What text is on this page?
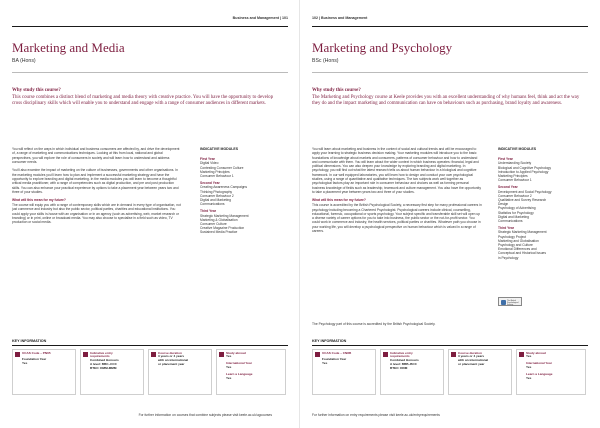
Business and Management | 101
Marketing and Media
BA (Hons)
Why study this course?
This course combines a distinct blend of marketing and media theory with creative practice. You will have the opportunity to develop cross disciplinary skills which will enable you to understand and engage with a range of consumer audiences in different markets.

You will reflect on the ways in which individual and business consumers are affected by, and drive the development of, a range of marketing and communications techniques. Looking at this from local, national and global perspectives, you will explore the role of consumers in society and will learn how to understand and address consumer needs.

You'll also examine the impact of marketing on the culture of businesses, governments and other organisations. In the marketing modules you'll learn how to plan and implement a successful marketing strategy and have the opportunity to explore branding and digital marketing. In the media modules you will learn to become a thoughtful critical media practitioner, with a range of competencies such as digital production, and pre and post production skills. You can also enhance your practical experience by options to take a placement year between years two and three of your studies.

What will this mean for my future?

The course will equip you with a range of contemporary skills which are in demand in every type of organisation, not just commerce and industry but also the public sector, political parties, charities and educational institutions. You could apply your skills in-house with an organisation or in an agency (such as advertising, web, market research or branding) or in print, online or broadcast media. You may also choose to specialise in a field such as video, TV production or social media.

INDICATIVE MODULES
First Year
Digital Video
Contesting Consumer Culture
Marketing Principles
Consumer Behaviour 1
Second Year
Creating Awareness Campaigns
Thinking Photography
Consumer Behaviour 2
Digital and Marketing
Communications
Third Year
Strategic Marketing Management
Marketing & Globalisation
Consumer Culture
Creative Magazine Production
Sustained Media Practice
KEY INFORMATION
UCAS Code – PN65
Foundation Year
Yes
Indicative entry
requirements
Combined Honours
A level: BBC–CCC
BTEC: DMM-MMM
Course duration
3 years or 4 years
with an international
or placement year
Study abroad
Yes
International Year
Yes
Learn a Language
Yes
For further information on courses that combine subjects please visit keele.ac.uk/ugcourses
102 | Business and Management
Marketing and Psychology
BSc (Hons)
Why study this course?
The Marketing and Psychology course at Keele provides you with an excellent understanding of why humans feel, think and act the way they do and the impact marketing and communication can have on behaviours such as purchasing, brand loyalty and awareness.

You will learn about marketing and business in the context of social and cultural trends and will be encouraged to apply your learning to strategic business decision making. Your marketing modules will introduce you to the basic foundations of knowledge about markets and consumers, patterns of consumer behaviour and how to understand and communicate with them. You will learn about the wider context in which business operates: financial, legal and political dimensions. You can also deepen your knowledge by exploring branding and digital marketing. In psychology, you will find out what the latest research tells us about human behaviour in a biological and cognitive framework. In our well equipped laboratories, you will learn how to design and conduct your own psychological studies, using a range of quantitative and qualitative techniques. The two subjects work well together as psychological factors play an important role in consumer behaviour and choices as well as forming personal business knowledge of fields such as leadership, teamwork and culture management. You also have the opportunity to take a placement year between years two and three of your studies.

What will this mean for my future?

This course is accredited by the British Psychological Society, a necessary first step for many professional careers in psychology including becoming a Chartered Psychologist. Psychological careers include clinical, counselling, educational, forensic, occupational or sports psychology. Your subject specific and transferable skill set will open up a diverse variety of career options for you to take into business, the public sector or the not-for-profit sector. You could work in commerce and industry, the health services, political parties or charities. Whatever path you choose in your working life, you will develop a psychological perspective on human behaviour which is valued in a range of careers.

INDICATIVE MODULES
First Year
Understanding Society
Biological and Cognitive Psychology
Introduction to Applied Psychology
Marketing Principles
Consumer Behaviour 1
Second Year
Development and Social Psychology
Consumer Behaviour 2
Qualitative and Survey Research
Design
Psychology of Advertising
Statistics for Psychology
Digital and Marketing
Communications
Third Year
Strategic Marketing Management
Psychology Project
Marketing and Globalisation
Psychology and Culture
Emotional Differences and
Conceptual and Historical Issues
in Psychology
The British Psychological Society
The Psychology part of this course is accredited by the British Psychological Society.
KEY INFORMATION
UCAS Code – CN8B
Foundation Year
Yes
Indicative entry
requirements
Combined Honours
A level: BBB–BCC
BTEC: DDM
Course duration
3 years or 4 years
with an international
or placement year
Study abroad
Yes
International Year
Yes
Learn a Language
Yes
For further information on entry requirements please visit keele.ac.uk/entryrequirements
